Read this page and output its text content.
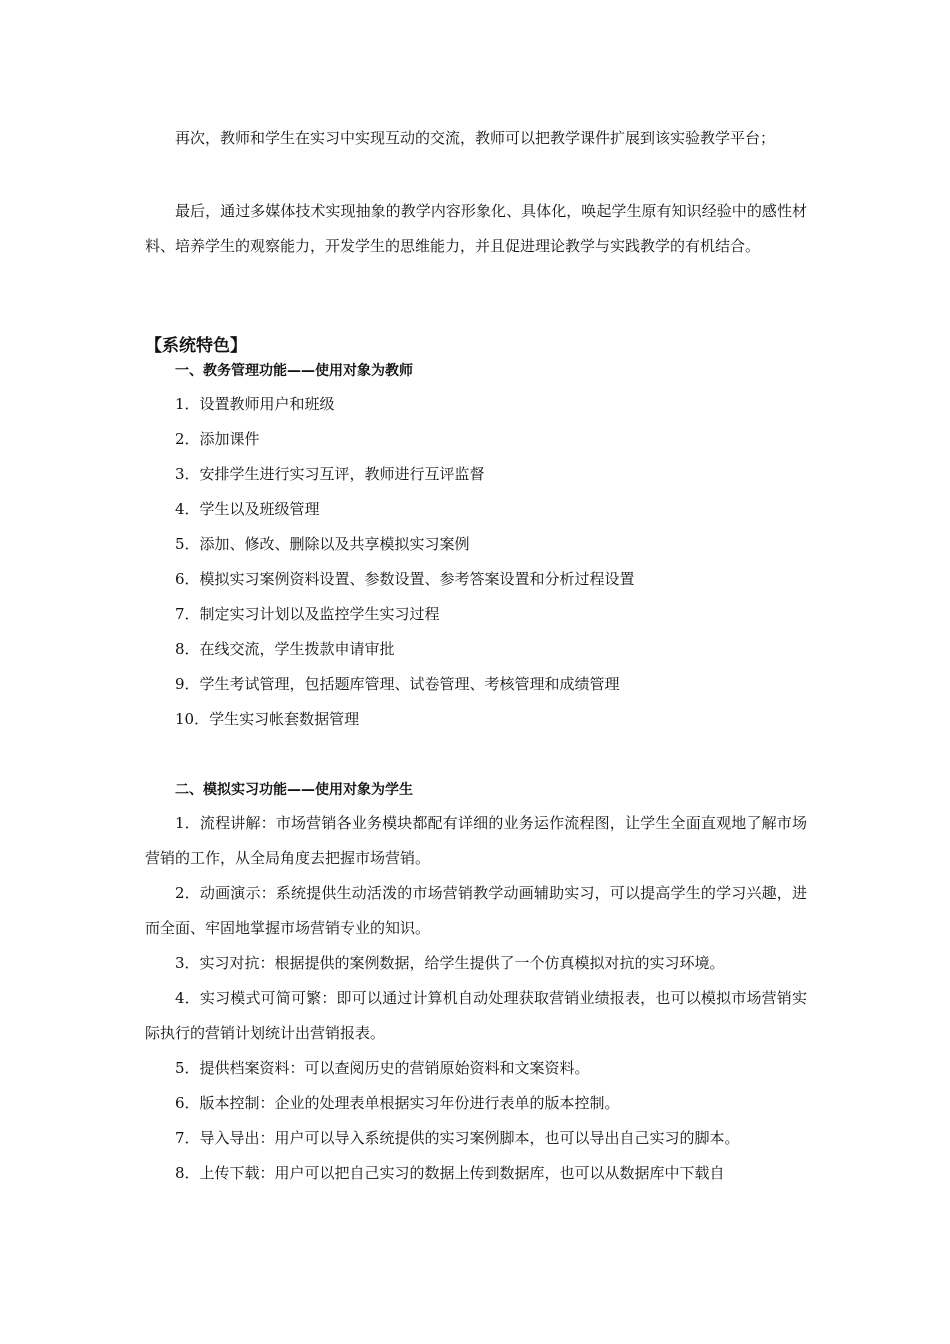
再次，教师和学生在实习中实现互动的交流，教师可以把教学课件扩展到该实验教学平台；

最后，通过多媒体技术实现抽象的教学内容形象化、具体化，唤起学生原有知识经验中的感性材料、培养学生的观察能力，开发学生的思维能力，并且促进理论教学与实践教学的有机结合。

【系统特色】
一、教务管理功能——使用对象为教师

1．设置教师用户和班级

2．添加课件

3．安排学生进行实习互评，教师进行互评监督

4．学生以及班级管理

5．添加、修改、删除以及共享模拟实习案例

6．模拟实习案例资料设置、参数设置、参考答案设置和分析过程设置

7．制定实习计划以及监控学生实习过程

8．在线交流，学生拨款申请审批

9．学生考试管理，包括题库管理、试卷管理、考核管理和成绩管理

10．学生实习帐套数据管理

二、模拟实习功能——使用对象为学生

1．流程讲解：市场营销各业务模块都配有详细的业务运作流程图，让学生全面直观地了解市场营销的工作，从全局角度去把握市场营销。

2．动画演示：系统提供生动活泼的市场营销教学动画辅助实习，可以提高学生的学习兴趣，进而全面、牢固地掌握市场营销专业的知识。

3．实习对抗：根据提供的案例数据，给学生提供了一个仿真模拟对抗的实习环境。

4．实习模式可简可繁：即可以通过计算机自动处理获取营销业绩报表，也可以模拟市场营销实际执行的营销计划统计出营销报表。

5．提供档案资料：可以查阅历史的营销原始资料和文案资料。

6．版本控制：企业的处理表单根据实习年份进行表单的版本控制。

7．导入导出：用户可以导入系统提供的实习案例脚本，也可以导出自己实习的脚本。

8．上传下载：用户可以把自己实习的数据上传到数据库，也可以从数据库中下载自
